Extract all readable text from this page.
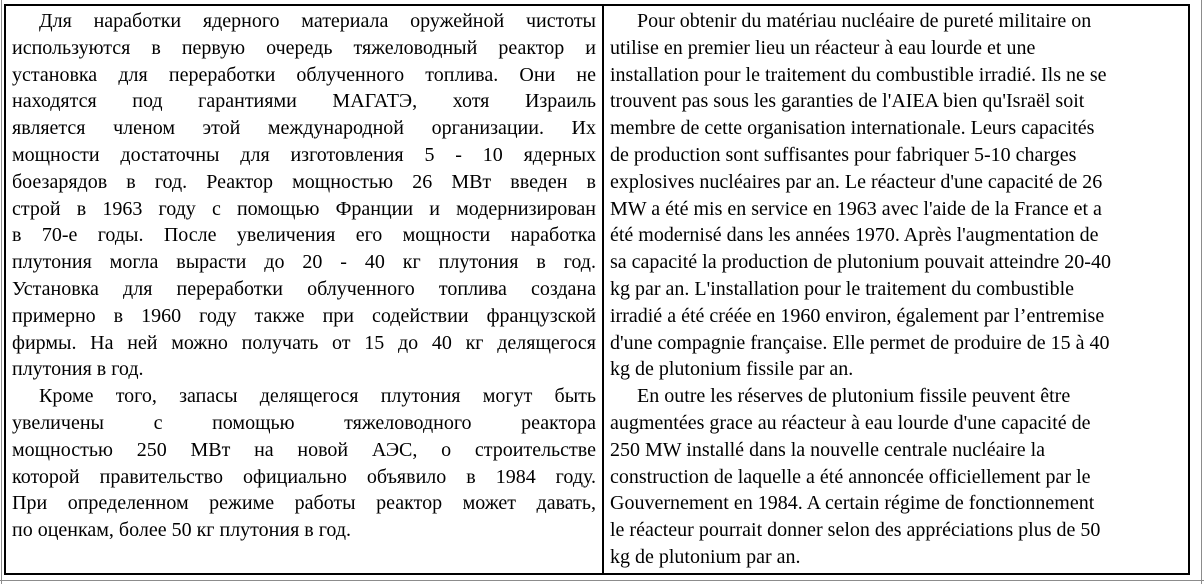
Для наработки ядерного материала оружейной чистоты
используются в первую очередь тяжеловодный реактор и
установка для переработки облученного топлива. Они не
находятся под гарантиями МАГАТЭ, хотя Израиль
является членом этой международной организации. Их
мощности достаточны для изготовления 5 - 10 ядерных
боезарядов в год. Реактор мощностью 26 МВт введен в
строй в 1963 году с помощью Франции и модернизирован
в 70-е годы. После увеличения его мощности наработка
плутония могла вырасти до 20 - 40 кг плутония в год.
Установка для переработки облученного топлива создана
примерно в 1960 году также при содействии французской
фирмы. На ней можно получать от 15 до 40 кг делящегося
плутония в год.
Кроме того, запасы делящегося плутония могут быть
увеличены с помощью тяжеловодного реактора
мощностью 250 МВт на новой АЭС, о строительстве
которой правительство официально объявило в 1984 году.
При определенном режиме работы реактор может давать,
по оценкам, более 50 кг плутония в год.
Pour obtenir du matériau nucléaire de pureté militaire on
utilise en premier lieu un réacteur à eau lourde et une
installation pour le traitement du combustible irradié. Ils ne se
trouvent pas sous les garanties de l'AIEA bien qu'Israël soit
membre de cette organisation internationale. Leurs capacités
de production sont suffisantes pour fabriquer 5-10 charges
explosives nucléaires par an. Le réacteur d'une capacité de 26
MW a été mis en service en 1963 avec l'aide de la France et a
été modernisé dans les années 1970. Après l'augmentation de
sa capacité la production de plutonium pouvait atteindre 20-40
kg par an. L'installation pour le traitement du combustible
irradié a été créée en 1960 environ, également par l’entremise
d'une compagnie française. Elle permet de produire de 15 à 40
kg de plutonium fissile par an.
En outre les réserves de plutonium fissile peuvent être
augmentées grace au réacteur à eau lourde d'une capacité de
250 MW installé dans la nouvelle centrale nucléaire la
construction de laquelle a été annoncée officiellement par le
Gouvernement en 1984. A certain régime de fonctionnement
le réacteur pourrait donner selon des appréciations plus de 50
kg de plutonium par an.
